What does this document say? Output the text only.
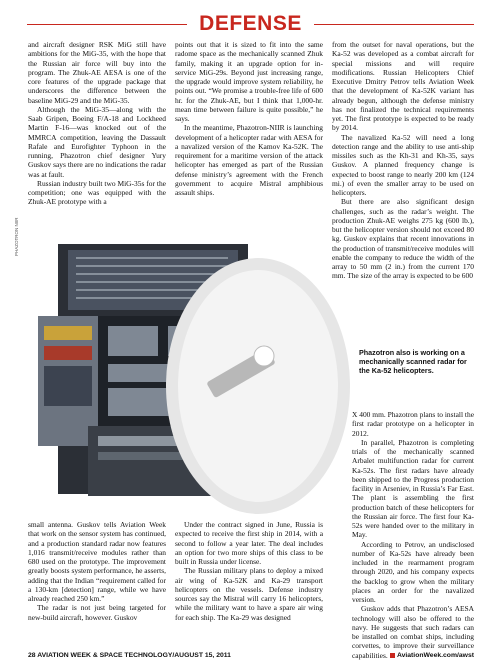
DEFENSE

and aircraft designer RSK MiG still have ambitions for the MiG-35, with the hope that the Russian air force will buy into the program. The Zhuk-AE AESA is one of the core features of the upgrade package that underscores the difference between the baseline MiG-29 and the MiG-35.

Although the MiG-35—along with the Saab Gripen, Boeing F/A-18 and Lockheed Martin F-16—was knocked out of the MMRCA competition, leaving the Dassault Rafale and Eurofighter Typhoon in the running, Phazotron chief designer Yury Guskov says there are no indications the radar was at fault.

Russian industry built two MiG-35s for the competition; one was equipped with the Zhuk-AE prototype with a

points out that it is sized to fit into the same radome space as the mechanically scanned Zhuk family, making it an upgrade option for in-service MiG-29s. Beyond just increasing range, the upgrade would improve system reliability, he points out. “We promise a trouble-free life of 600 hr. for the Zhuk-AE, but I think that 1,000-hr. mean time between failure is quite possible,” he says.

In the meantime, Phazotron-NIIR is launching development of a helicopter radar with AESA for a navalized version of the Kamov Ka-52K. The requirement for a maritime version of the attack helicopter has emerged as part of the Russian defense ministry’s agreement with the French government to acquire Mistral amphibious assault ships.

from the outset for naval operations, but the Ka-52 was developed as a combat aircraft for special missions and will require modifications. Russian Helicopters Chief Executive Dmitry Petrov tells Aviation Week that the development of Ka-52K variant has already begun, although the defense ministry has not finalized the technical requirements yet. The first prototype is expected to be ready by 2014.

The navalized Ka-52 will need a long detection range and the ability to use anti-ship missiles such as the Kh-31 and Kh-35, says Guskov. A planned frequency change is expected to boost range to nearly 200 km (124 mi.) of even the smaller array to be used on helicopters.

But there are also significant design challenges, such as the radar’s weight. The production Zhuk-AE weighs 275 kg (600 lb.), but the helicopter version should not exceed 80 kg. Guskov explains that recent innovations in the production of transmit/receive modules will enable the company to reduce the width of the array to 50 mm (2 in.) from the current 170 mm. The size of the array is expected to be 600

PHAZOTRON NIIR
Phazotron also is working on a mechanically scanned radar for the Ka-52 helicopters.

small antenna. Guskov tells Aviation Week that work on the sensor system has continued, and a production standard radar now features 1,016 transmit/receive modules rather than 680 used on the prototype. The improvement greatly boosts system performance, he asserts, adding that the Indian “requirement called for a 130-km [detection] range, while we have already reached 250 km.”

The radar is not just being targeted for new-build aircraft, however. Guskov

Under the contract signed in June, Russia is expected to receive the first ship in 2014, with a second to follow a year later. The deal includes an option for two more ships of this class to be built in Russia under license.

The Russian military plans to deploy a mixed air wing of Ka-52K and Ka-29 transport helicopters on the vessels. Defense industry sources say the Mistral will carry 16 helicopters, while the military want to have a spare air wing for each ship. The Ka-29 was designed

X 400 mm. Phazotron plans to install the first radar prototype on a helicopter in 2012.

In parallel, Phazotron is completing trials of the mechanically scanned Arbalet multifunction radar for current Ka-52s. The first radars have already been shipped to the Progress production facility in Arseniev, in Russia’s Far East. The plant is assembling the first production batch of these helicopters for the Russian air force. The first four Ka-52s were handed over to the military in May.

According to Petrov, an undisclosed number of Ka-52s have already been included in the rearmament program through 2020, and his company expects the backlog to grow when the military places an order for the navalized version.

Guskov adds that Phazotron’s AESA technology will also be offered to the navy. He suggests that such radars can be installed on combat ships, including corvettes, to improve their surveillance capabilities.

28 AVIATION WEEK & SPACE TECHNOLOGY/AUGUST 15, 2011	AviationWeek.com/awst
